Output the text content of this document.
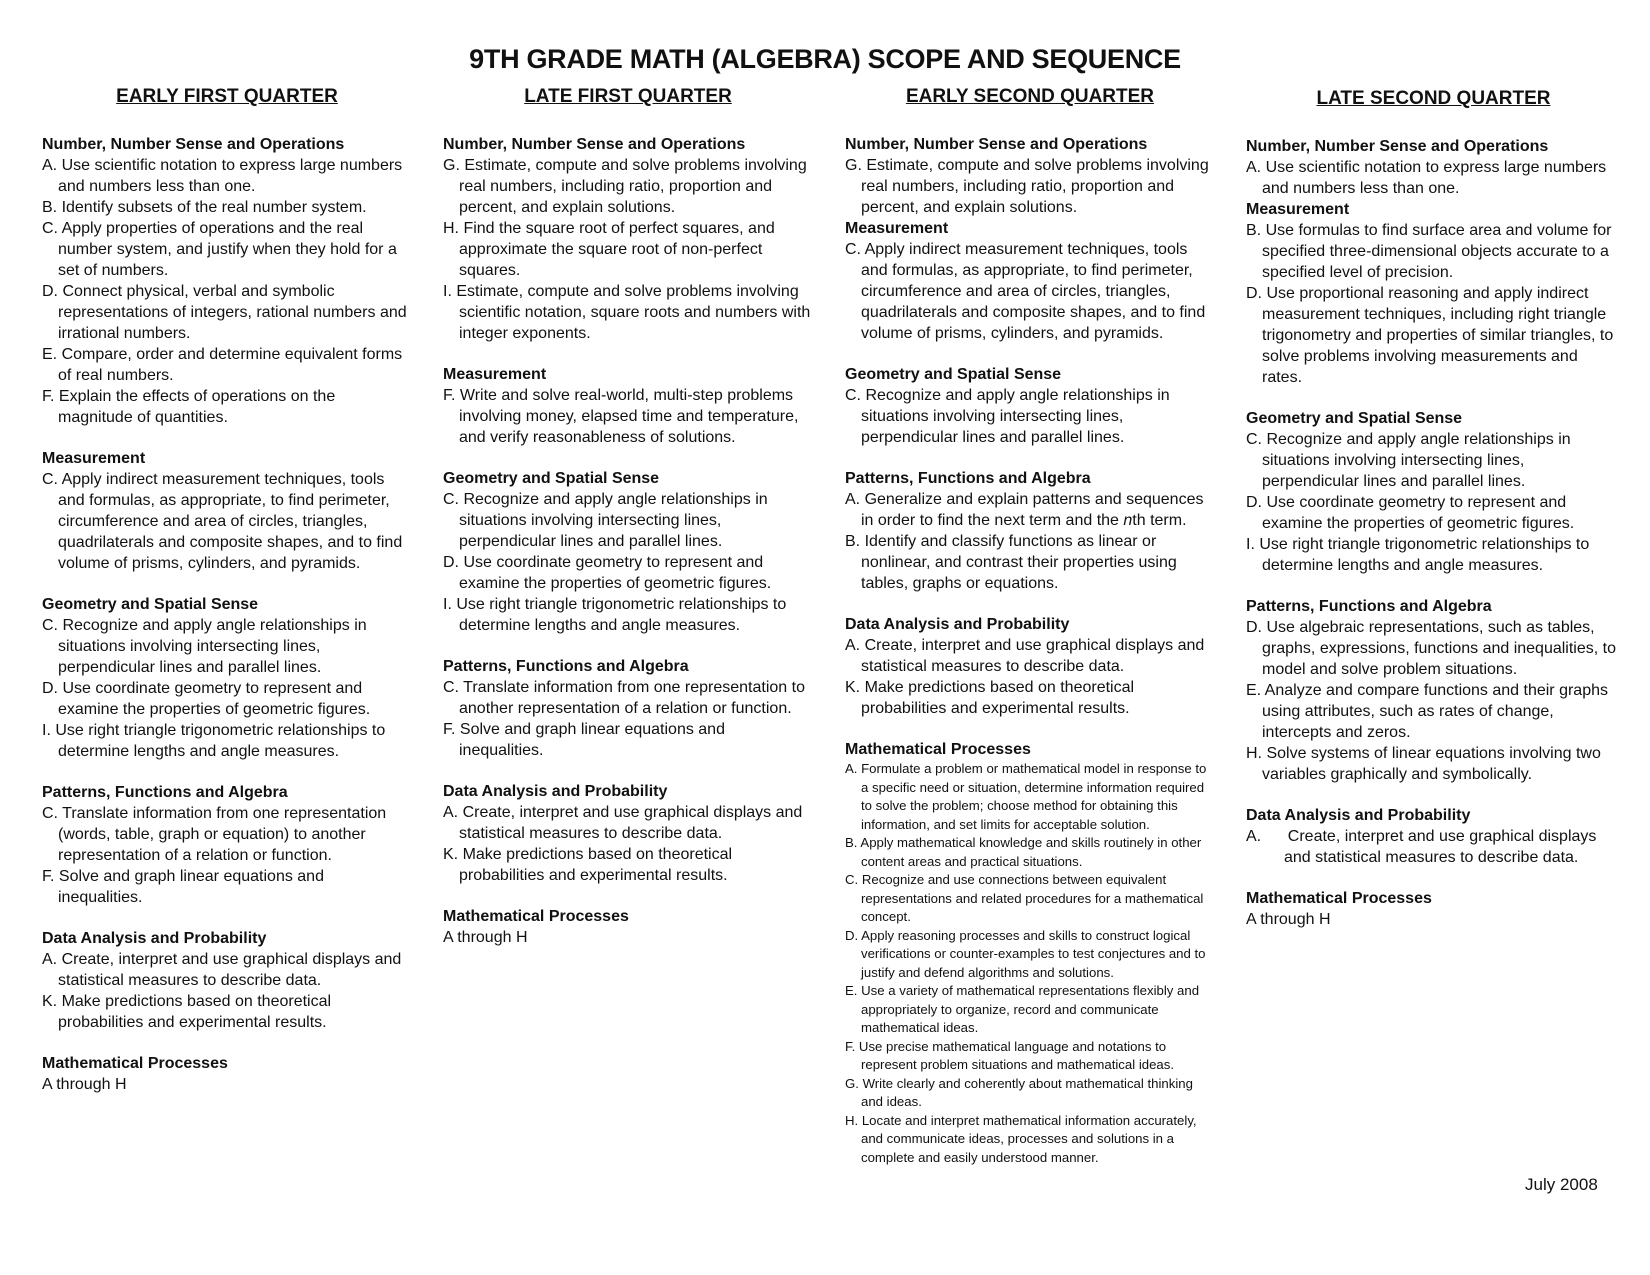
9TH GRADE MATH (ALGEBRA) SCOPE AND SEQUENCE
EARLY FIRST QUARTER
Number, Number Sense and Operations
A. Use scientific notation to express large numbers and numbers less than one.
B. Identify subsets of the real number system.
C. Apply properties of operations and the real number system, and justify when they hold for a set of numbers.
D. Connect physical, verbal and symbolic representations of integers, rational numbers and irrational numbers.
E. Compare, order and determine equivalent forms of real numbers.
F. Explain the effects of operations on the magnitude of quantities.
Measurement
C. Apply indirect measurement techniques, tools and formulas, as appropriate, to find perimeter, circumference and area of circles, triangles, quadrilaterals and composite shapes, and to find volume of prisms, cylinders, and pyramids.
Geometry and Spatial Sense
C. Recognize and apply angle relationships in situations involving intersecting lines, perpendicular lines and parallel lines.
D. Use coordinate geometry to represent and examine the properties of geometric figures.
I. Use right triangle trigonometric relationships to determine lengths and angle measures.
Patterns, Functions and Algebra
C. Translate information from one representation (words, table, graph or equation) to another representation of a relation or function.
F. Solve and graph linear equations and inequalities.
Data Analysis and Probability
A. Create, interpret and use graphical displays and statistical measures to describe data.
K. Make predictions based on theoretical probabilities and experimental results.
Mathematical Processes
A through H
LATE FIRST QUARTER
Number, Number Sense and Operations
G. Estimate, compute and solve problems involving real numbers, including ratio, proportion and percent, and explain solutions.
H. Find the square root of perfect squares, and approximate the square root of non-perfect squares.
I. Estimate, compute and solve problems involving scientific notation, square roots and numbers with integer exponents.
Measurement
F. Write and solve real-world, multi-step problems involving money, elapsed time and temperature, and verify reasonableness of solutions.
Geometry and Spatial Sense
C. Recognize and apply angle relationships in situations involving intersecting lines, perpendicular lines and parallel lines.
D. Use coordinate geometry to represent and examine the properties of geometric figures.
I. Use right triangle trigonometric relationships to determine lengths and angle measures.
Patterns, Functions and Algebra
C. Translate information from one representation to another representation of a relation or function.
F. Solve and graph linear equations and inequalities.
Data Analysis and Probability
A. Create, interpret and use graphical displays and statistical measures to describe data.
K. Make predictions based on theoretical probabilities and experimental results.
Mathematical Processes
A through H
EARLY SECOND QUARTER
Number, Number Sense and Operations
G. Estimate, compute and solve problems involving real numbers, including ratio, proportion and percent, and explain solutions.
Measurement
C. Apply indirect measurement techniques, tools and formulas, as appropriate, to find perimeter, circumference and area of circles, triangles, quadrilaterals and composite shapes, and to find volume of prisms, cylinders, and pyramids.
Geometry and Spatial Sense
C. Recognize and apply angle relationships in situations involving intersecting lines, perpendicular lines and parallel lines.
Patterns, Functions and Algebra
A. Generalize and explain patterns and sequences in order to find the next term and the nth term.
B. Identify and classify functions as linear or nonlinear, and contrast their properties using tables, graphs or equations.
Data Analysis and Probability
A. Create, interpret and use graphical displays and statistical measures to describe data.
K. Make predictions based on theoretical probabilities and experimental results.
Mathematical Processes
A. Formulate a problem or mathematical model in response to a specific need or situation, determine information required to solve the problem; choose method for obtaining this information, and set limits for acceptable solution.
B. Apply mathematical knowledge and skills routinely in other content areas and practical situations.
C. Recognize and use connections between equivalent representations and related procedures for a mathematical concept.
D. Apply reasoning processes and skills to construct logical verifications or counter-examples to test conjectures and to justify and defend algorithms and solutions.
E. Use a variety of mathematical representations flexibly and appropriately to organize, record and communicate mathematical ideas.
F. Use precise mathematical language and notations to represent problem situations and mathematical ideas.
G. Write clearly and coherently about mathematical thinking and ideas.
H. Locate and interpret mathematical information accurately, and communicate ideas, processes and solutions in a complete and easily understood manner.
LATE SECOND QUARTER
Number, Number Sense and Operations
A. Use scientific notation to express large numbers and numbers less than one.
Measurement
B. Use formulas to find surface area and volume for specified three-dimensional objects accurate to a specified level of precision.
D. Use proportional reasoning and apply indirect measurement techniques, including right triangle trigonometry and properties of similar triangles, to solve problems involving measurements and rates.
Geometry and Spatial Sense
C. Recognize and apply angle relationships in situations involving intersecting lines, perpendicular lines and parallel lines.
D. Use coordinate geometry to represent and examine the properties of geometric figures.
I. Use right triangle trigonometric relationships to determine lengths and angle measures.
Patterns, Functions and Algebra
D. Use algebraic representations, such as tables, graphs, expressions, functions and inequalities, to model and solve problem situations.
E. Analyze and compare functions and their graphs using attributes, such as rates of change, intercepts and zeros.
H. Solve systems of linear equations involving two variables graphically and symbolically.
Data Analysis and Probability
A.      Create, interpret and use graphical displays and statistical measures to describe data.
Mathematical Processes
A through H
July 2008
